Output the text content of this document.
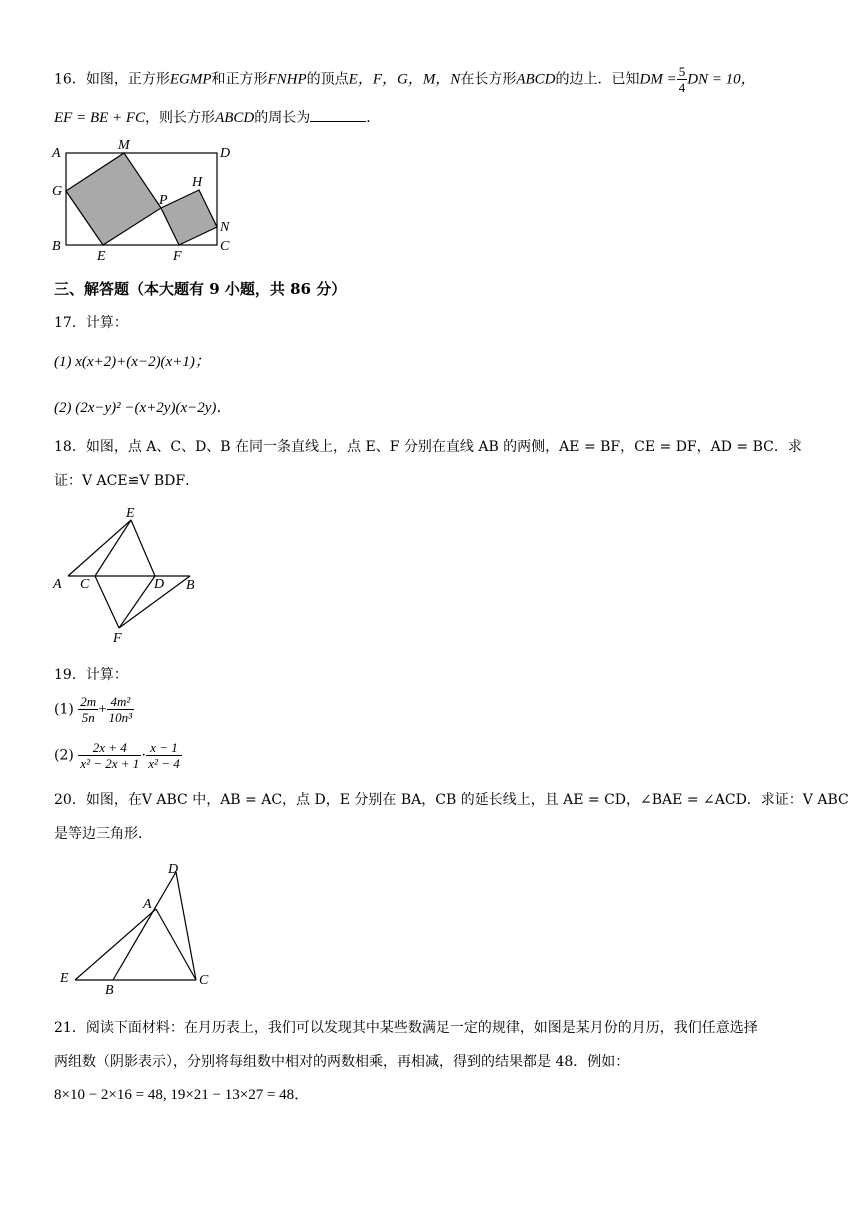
16．如图，正方形EGMP和正方形FNHP的顶点E，F，G，M，N在长方形ABCD的边上．已知DM = $\frac{5}{4}$ DN = 10，
EF = BE + FC，则长方形ABCD的周长为	．
A
M
D
G
P
H
N
B
E	F
C
三、解答题（本大题有 9 小题，共 86 分）
17．计算：
(1) x(x+2)+(x−2)(x+1)；
(2) (2x−y)² −(x+2y)(x−2y)．
18．如图，点 A、C、D、B 在同一条直线上，点 E、F 分别在直线 AB 的两侧，AE = BF，CE = DF，AD = BC．求
证：V ACE≌V BDF．
E
A C	D B
F
19．计算：
$(1) \frac{2m}{5n} + \frac{\text{4m²}}{\text{10n³}}$
$(2) \frac{2x + 4}{\text{x² − 2x + 1}} \cdot \frac{x - 1}{\text{x² − 4}}$
20．如图，在V ABC 中，AB = AC，点 D，E 分别在 BA，CB 的延长线上，且 AE = CD，∠BAE = ∠ACD．求证：V ABC
是等边三角形．
D
A
E
B
C
21．阅读下面材料：在月历表上，我们可以发现其中某些数满足一定的规律，如图是某月份的月历，我们任意选择
两组数（阴影表示），分别将每组数中相对的两数相乘，再相减，得到的结果都是 48．例如：
8×10 − 2×16 = 48, 19×21 − 13×27 = 48．
